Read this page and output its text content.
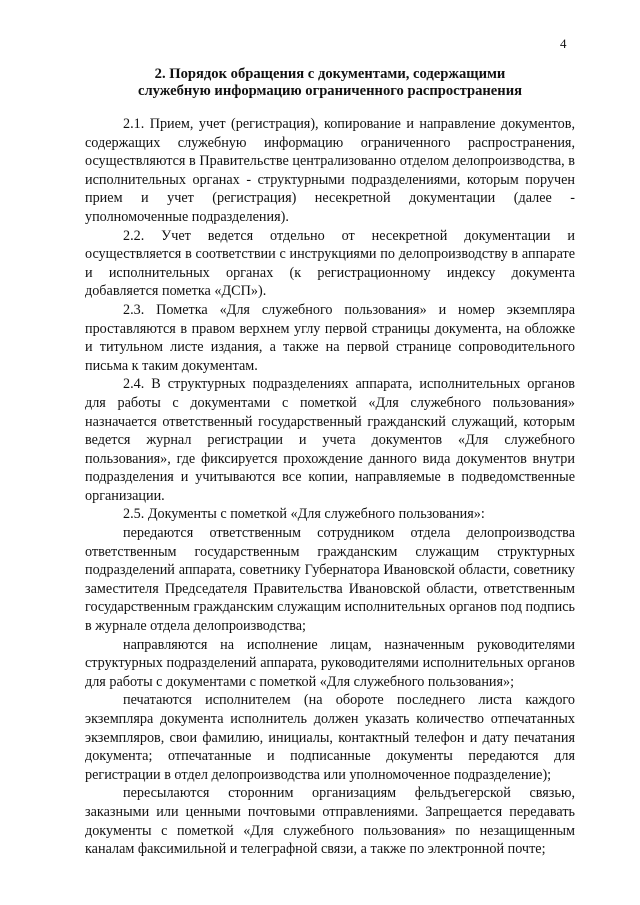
4
2. Порядок обращения с документами, содержащими
служебную информацию ограниченного распространения

2.1. Прием, учет (регистрация), копирование и направление документов, содержащих служебную информацию ограниченного распространения, осуществляются в Правительстве централизованно отделом делопроизводства, в исполнительных органах - структурными подразделениями, которым поручен прием и учет (регистрация) несекретной документации (далее - уполномоченные подразделения).

2.2. Учет ведется отдельно от несекретной документации и осуществляется в соответствии с инструкциями по делопроизводству в аппарате и исполнительных органах (к регистрационному индексу документа добавляется пометка «ДСП»).

2.3. Пометка «Для служебного пользования» и номер экземпляра проставляются в правом верхнем углу первой страницы документа, на обложке и титульном листе издания, а также на первой странице сопроводительного письма к таким документам.

2.4. В структурных подразделениях аппарата, исполнительных органов для работы с документами с пометкой «Для служебного пользования» назначается ответственный государственный гражданский служащий, которым ведется журнал регистрации и учета документов «Для служебного пользования», где фиксируется прохождение данного вида документов внутри подразделения и учитываются все копии, направляемые в подведомственные организации.

2.5. Документы с пометкой «Для служебного пользования»:

передаются ответственным сотрудником отдела делопроизводства ответственным государственным гражданским служащим структурных подразделений аппарата, советнику Губернатора Ивановской области, советнику заместителя Председателя Правительства Ивановской области, ответственным государственным гражданским служащим исполнительных органов под подпись в журнале отдела делопроизводства;

направляются на исполнение лицам, назначенным руководителями структурных подразделений аппарата, руководителями исполнительных органов для работы с документами с пометкой «Для служебного пользования»;

печатаются исполнителем (на обороте последнего листа каждого экземпляра документа исполнитель должен указать количество отпечатанных экземпляров, свои фамилию, инициалы, контактный телефон и дату печатания документа; отпечатанные и подписанные документы передаются для регистрации в отдел делопроизводства или уполномоченное подразделение);

пересылаются сторонним организациям фельдъегерской связью, заказными или ценными почтовыми отправлениями. Запрещается передавать документы с пометкой «Для служебного пользования» по незащищенным каналам факсимильной и телеграфной связи, а также по электронной почте;
